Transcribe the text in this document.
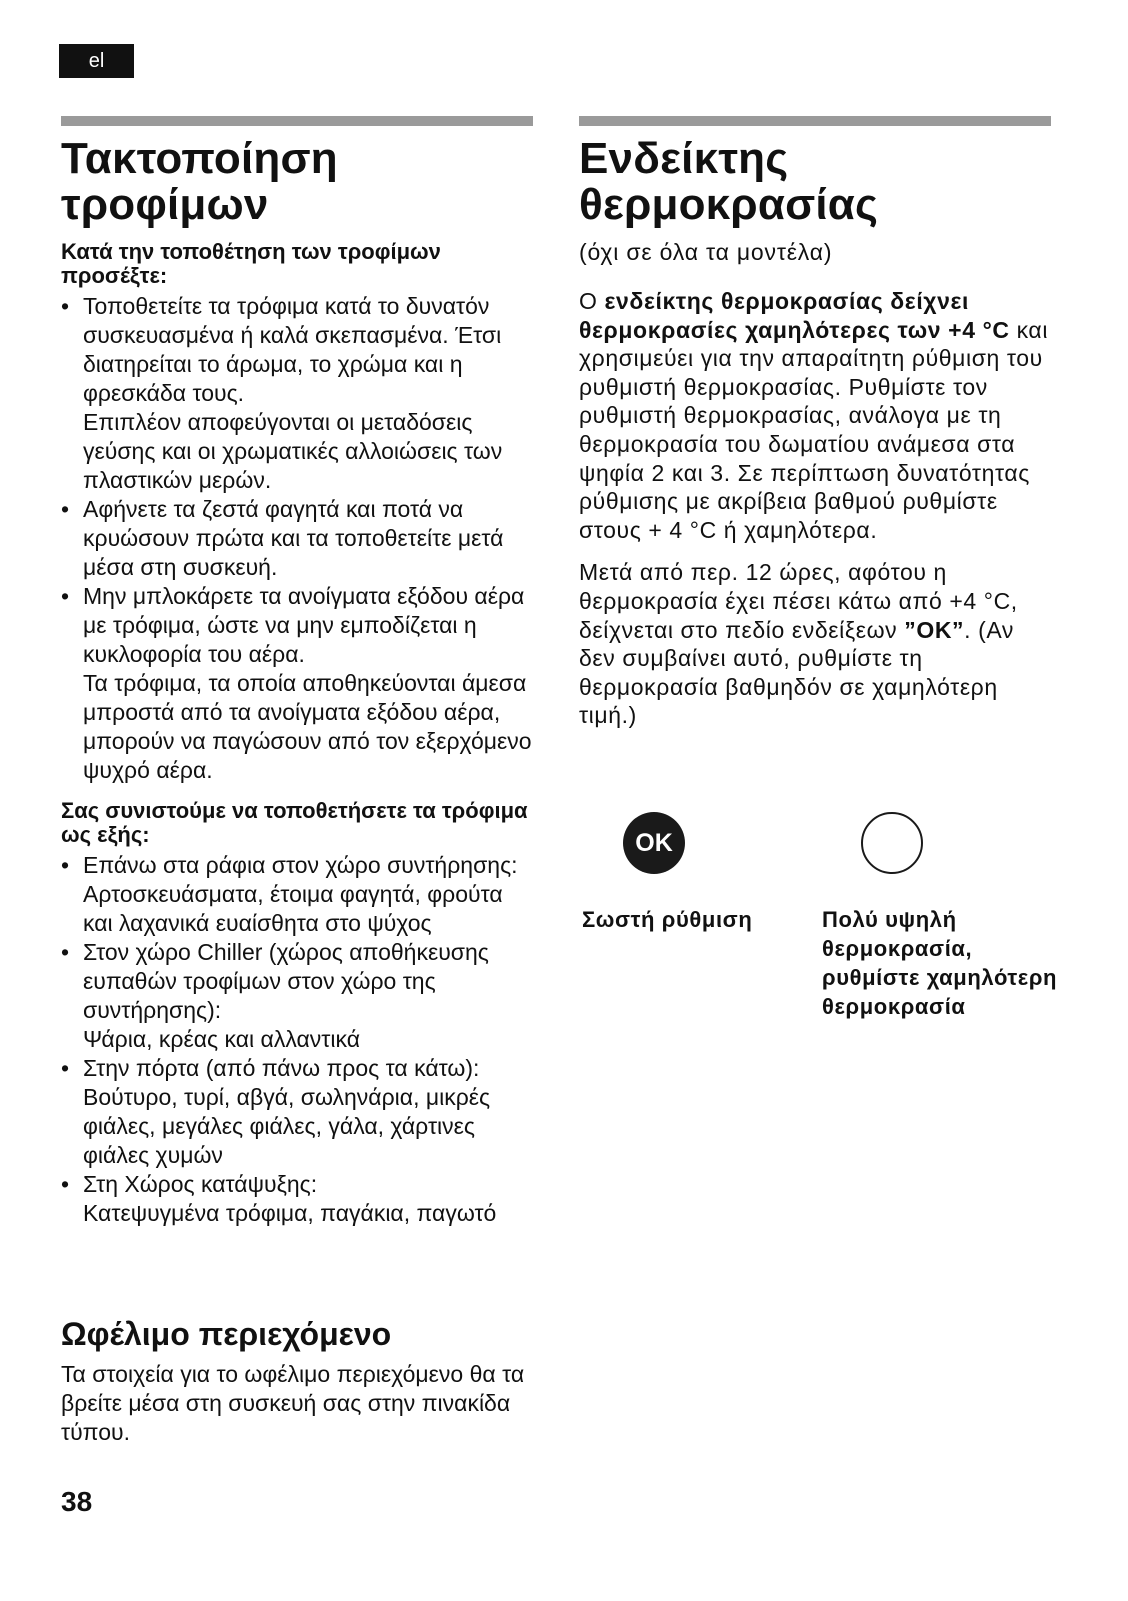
el
Τακτοποίηση
τροφίμων
Κατά την τοποθέτηση των τροφίμων προσέξτε:
• Τοποθετείτε τα τρόφιμα κατά το δυνατόν συσκευασμένα ή καλά σκεπασμένα. Έτσι διατηρείται το άρωμα, το χρώμα και η φρεσκάδα τους.
Επιπλέον αποφεύγονται οι μεταδόσεις γεύσης και οι χρωματικές αλλοιώσεις των πλαστικών μερών.
• Αφήνετε τα ζεστά φαγητά και ποτά να κρυώσουν πρώτα και τα τοποθετείτε μετά μέσα στη συσκευή.
• Μην μπλοκάρετε τα ανοίγματα εξόδου αέρα με τρόφιμα, ώστε να μην εμποδίζεται η κυκλοφορία του αέρα.
Τα τρόφιμα, τα οποία αποθηκεύονται άμεσα μπροστά από τα ανοίγματα εξόδου αέρα, μπορούν να παγώσουν από τον εξερχόμενο ψυχρό αέρα.
Σας συνιστούμε να τοποθετήσετε τα τρόφιμα ως εξής:
• Επάνω στα ράφια στον χώρο συντήρησης:
Αρτοσκευάσματα, έτοιμα φαγητά, φρούτα και λαχανικά ευαίσθητα στο ψύχος
• Στον χώρο Chiller (χώρος αποθήκευσης ευπαθών τροφίμων στον χώρο της συντήρησης):
Ψάρια, κρέας και αλλαντικά
• Στην πόρτα (από πάνω προς τα κάτω):
Βούτυρο, τυρί, αβγά, σωληνάρια, μικρές φιάλες, μεγάλες φιάλες, γάλα, χάρτινες φιάλες χυμών
• Στη Χώρος κατάψυξης:
Κατεψυγμένα τρόφιμα, παγάκια, παγωτό
Ωφέλιμο περιεχόμενο
Τα στοιχεία για το ωφέλιμο περιεχόμενο θα τα βρείτε μέσα στη συσκευή σας στην πινακίδα τύπου.
Ενδείκτης
θερμοκρασίας
(όχι σε όλα τα μοντέλα)

Ο ενδείκτης θερμοκρασίας δείχνει θερμοκρασίες χαμηλότερες των +4 °C και χρησιμεύει για την απαραίτητη ρύθμιση του ρυθμιστή θερμοκρασίας. Ρυθμίστε τον ρυθμιστή θερμοκρασίας, ανάλογα με τη θερμοκρασία του δωματίου ανάμεσα στα ψηφία 2 και 3. Σε περίπτωση δυνατότητας ρύθμισης με ακρίβεια βαθμού ρυθμίστε στους + 4 °C ή χαμηλότερα.

Μετά από περ. 12 ώρες, αφότου η θερμοκρασία έχει πέσει κάτω από +4 °C, δείχνεται στο πεδίο ενδείξεων ”OK”. (Αν δεν συμβαίνει αυτό, ρυθμίστε τη θερμοκρασία βαθμηδόν σε χαμηλότερη τιμή.)

OK
Σωστή ρύθμιση	Πολύ υψηλή θερμοκρασία, ρυθμίστε χαμηλότερη θερμοκρασία
38
